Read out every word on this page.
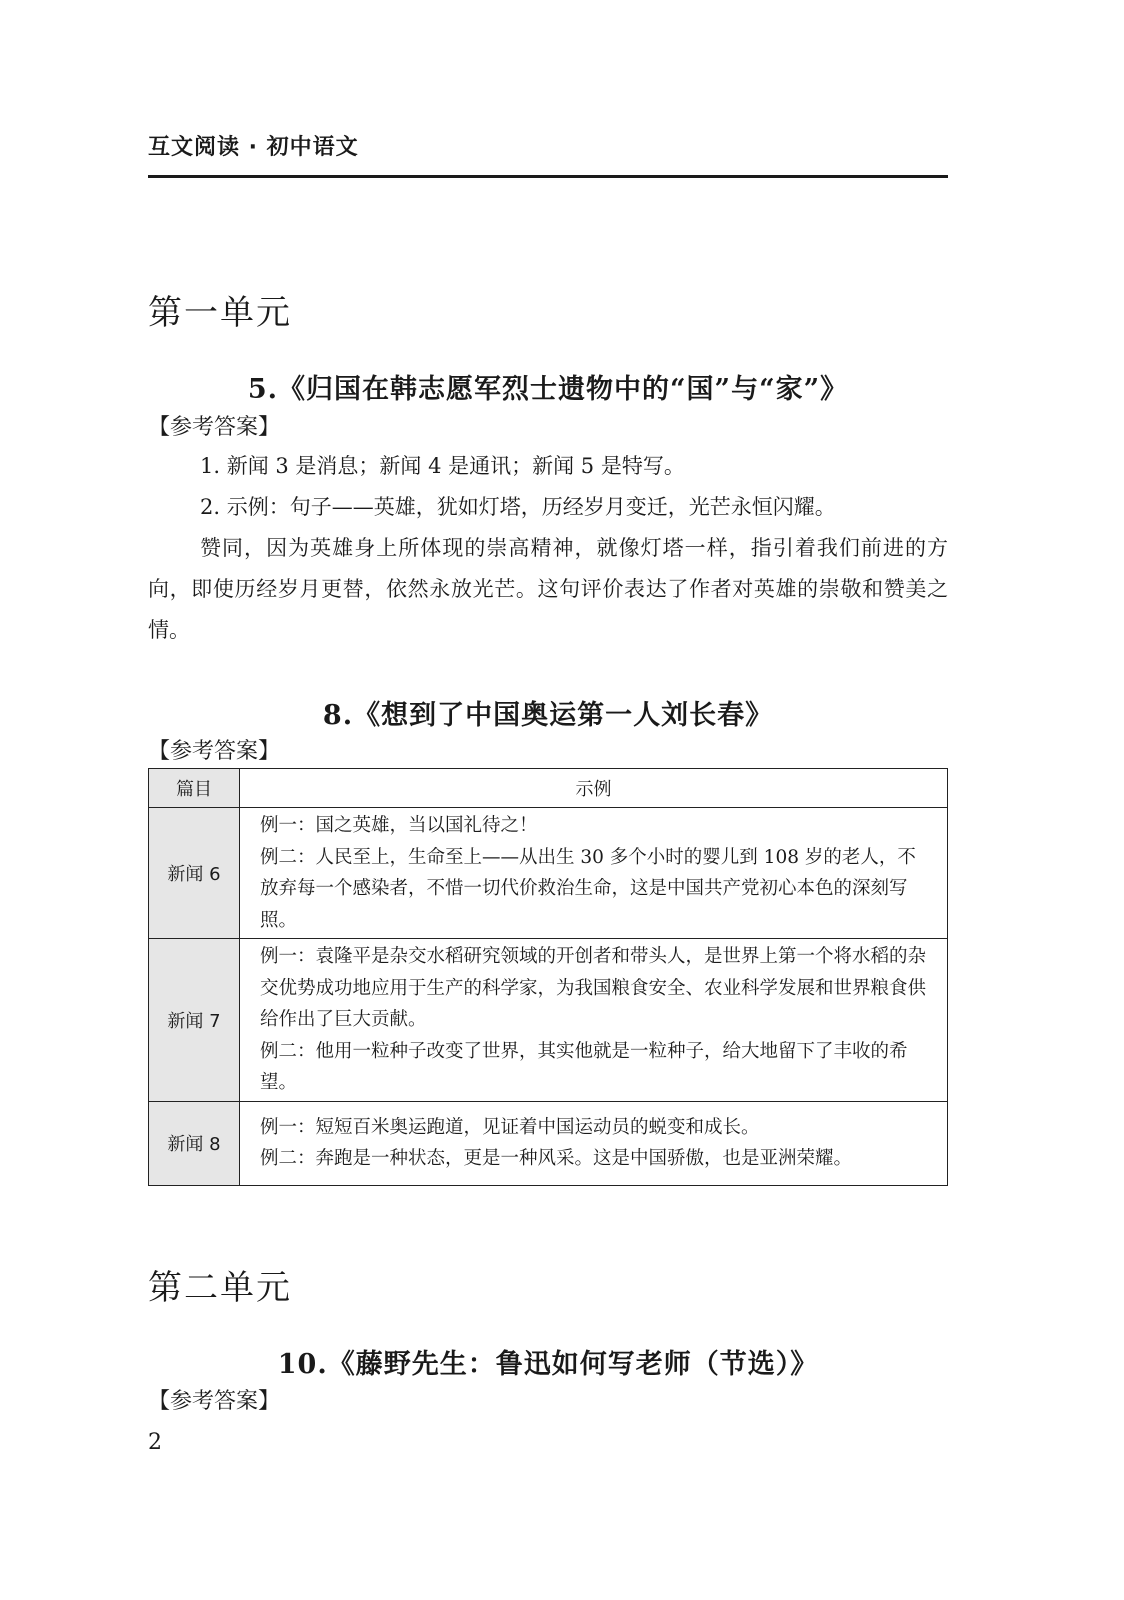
互文阅读 · 初中语文
第一单元
5.《归国在韩志愿军烈士遗物中的“国”与“家”》
【参考答案】

1. 新闻 3 是消息；新闻 4 是通讯；新闻 5 是特写。

2. 示例：句子——英雄，犹如灯塔，历经岁月变迁，光芒永恒闪耀。

赞同，因为英雄身上所体现的崇高精神，就像灯塔一样，指引着我们前进的方向，即使历经岁月更替，依然永放光芒。这句评价表达了作者对英雄的崇敬和赞美之情。

8.《想到了中国奥运第一人刘长春》
【参考答案】
篇目	示例
新闻 6	例一：国之英雄，当以国礼待之！
例二：人民至上，生命至上——从出生 30 多个小时的婴儿到 108 岁的老人，不放弃每一个感染者，不惜一切代价救治生命，这是中国共产党初心本色的深刻写照。

新闻 7	例一：袁隆平是杂交水稻研究领域的开创者和带头人，是世界上第一个将水稻的杂交优势成功地应用于生产的科学家，为我国粮食安全、农业科学发展和世界粮食供给作出了巨大贡献。
例二：他用一粒种子改变了世界，其实他就是一粒种子，给大地留下了丰收的希望。

新闻 8	例一：短短百米奥运跑道，见证着中国运动员的蜕变和成长。
例二：奔跑是一种状态，更是一种风采。这是中国骄傲，也是亚洲荣耀。
第二单元
10.《藤野先生：鲁迅如何写老师（节选）》
【参考答案】
2
